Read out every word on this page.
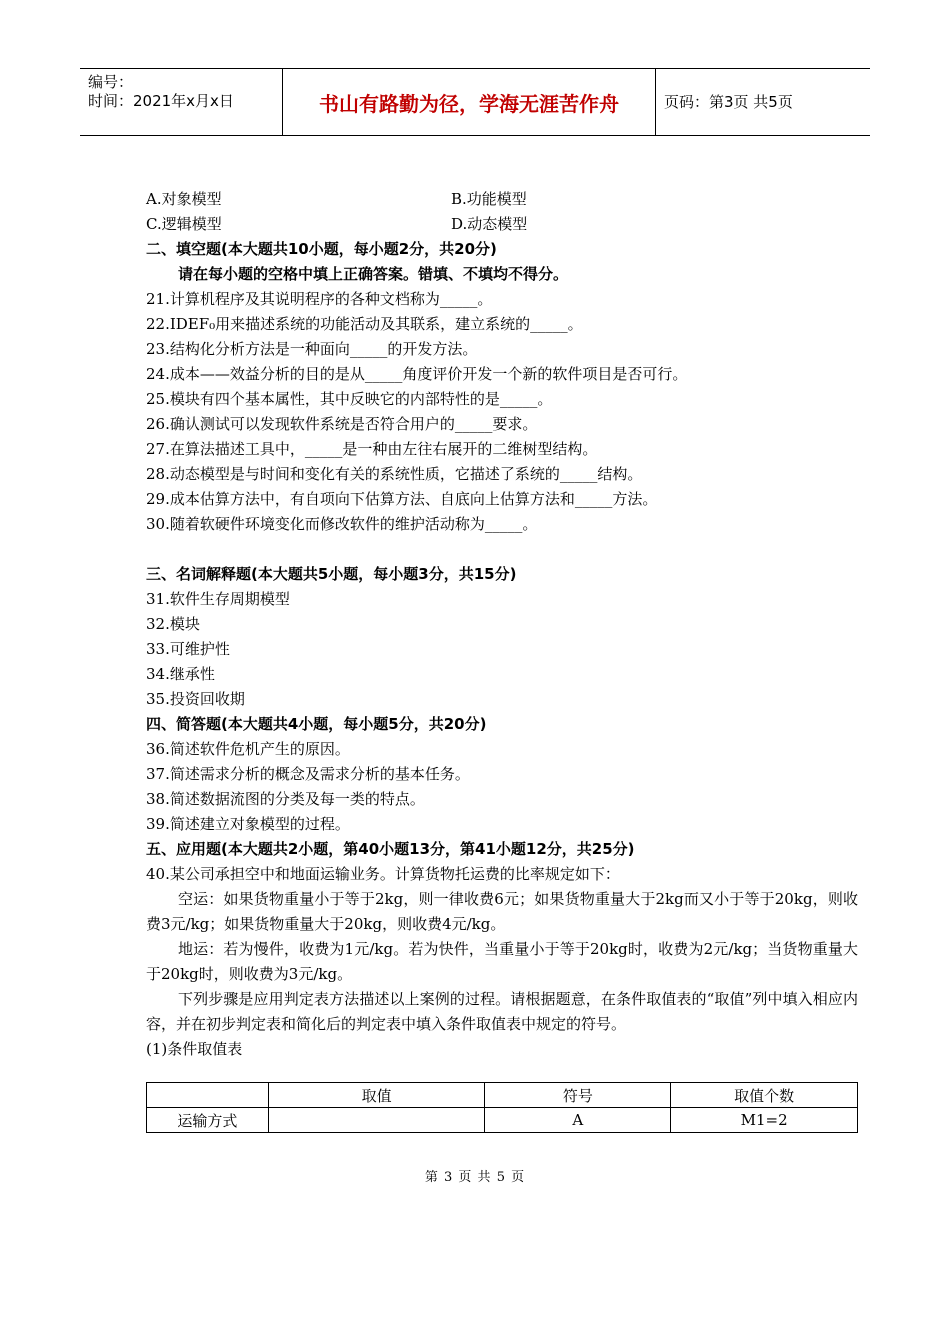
编号：
时间：2021年x月x日	书山有路勤为径，学海无涯苦作舟	页码：第3页 共5页
A.对象模型	B.功能模型
C.逻辑模型	D.动态模型
二、填空题(本大题共10小题，每小题2分，共20分)
请在每小题的空格中填上正确答案。错填、不填均不得分。
21.计算机程序及其说明程序的各种文档称为_____。
22.IDEF₀用来描述系统的功能活动及其联系，建立系统的_____。
23.结构化分析方法是一种面向_____的开发方法。
24.成本——效益分析的目的是从_____角度评价开发一个新的软件项目是否可行。
25.模块有四个基本属性，其中反映它的内部特性的是_____。
26.确认测试可以发现软件系统是否符合用户的_____要求。
27.在算法描述工具中，_____是一种由左往右展开的二维树型结构。
28.动态模型是与时间和变化有关的系统性质，它描述了系统的_____结构。
29.成本估算方法中，有自项向下估算方法、自底向上估算方法和_____方法。
30.随着软硬件环境变化而修改软件的维护活动称为_____。
三、名词解释题(本大题共5小题，每小题3分，共15分)
31.软件生存周期模型
32.模块
33.可维护性
34.继承性
35.投资回收期
四、简答题(本大题共4小题，每小题5分，共20分)
36.简述软件危机产生的原因。
37.简述需求分析的概念及需求分析的基本任务。
38.简述数据流图的分类及每一类的特点。
39.简述建立对象模型的过程。
五、应用题(本大题共2小题，第40小题13分，第41小题12分，共25分)
40.某公司承担空中和地面运输业务。计算货物托运费的比率规定如下：
空运：如果货物重量小于等于2kg，则一律收费6元；如果货物重量大于2kg而又小于等于20kg，则收费3元/kg；如果货物重量大于20kg，则收费4元/kg。
地运：若为慢件，收费为1元/kg。若为快件，当重量小于等于20kg时，收费为2元/kg；当货物重量大于20kg时，则收费为3元/kg。
下列步骤是应用判定表方法描述以上案例的过程。请根据题意，在条件取值表的“取值”列中填入相应内容，并在初步判定表和简化后的判定表中填入条件取值表中规定的符号。
(1)条件取值表
	取值	符号	取值个数
运输方式		A	M1=2
第 3 页 共 5 页
